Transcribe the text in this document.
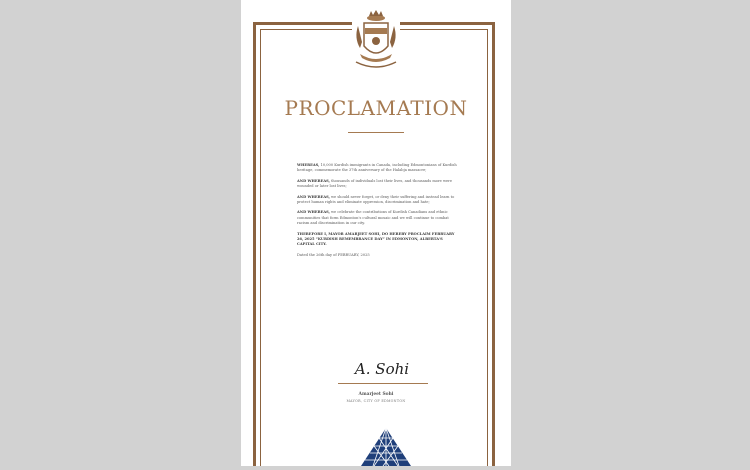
PROCLAMATION

WHEREAS, 10,000 Kurdish immigrants in Canada, including Edmontonians of Kurdish heritage, commemorate the 37th anniversary of the Halabja massacre;

AND WHEREAS, thousands of individuals lost their lives, and thousands more were wounded or later lost lives;

AND WHEREAS, we should never forget, or deny their suffering and instead learn to protect human rights and eliminate oppression, discrimination and hate;

AND WHEREAS, we celebrate the contributions of Kurdish Canadians and ethnic communities that form Edmonton's cultural mosaic and we will continue to combat racism and discrimination in our city.

THEREFORE I, MAYOR AMARJEET SOHI, DO HEREBY PROCLAIM FEBRUARY 26, 2025 “KURDISH REMEMBRANCE DAY” IN EDMONTON, ALBERTA'S CAPITAL CITY.

Dated the 26th day of FEBRUARY, 2025

A. Sohi
Amarjeet Sohi
MAYOR, CITY OF EDMONTON
